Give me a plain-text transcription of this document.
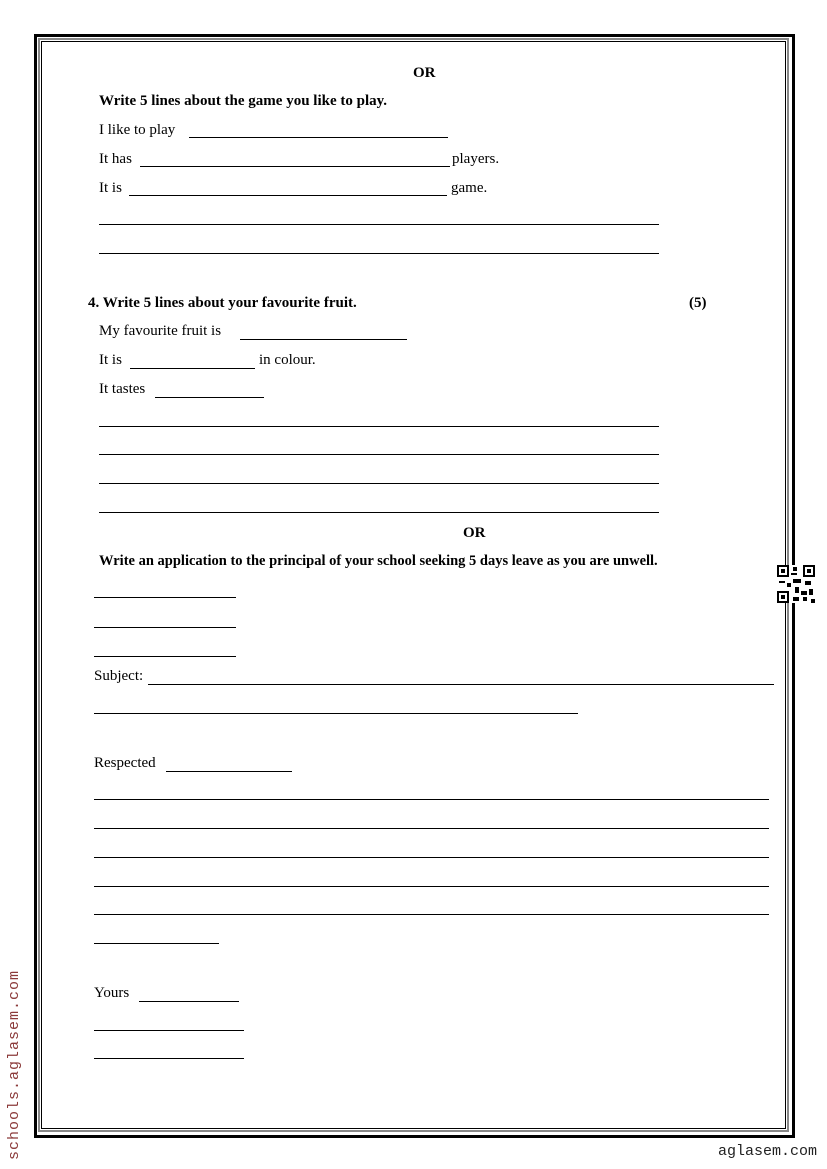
OR
Write 5 lines about the game you like to play.
I like to play
It has	players.
It is	game.
4. Write 5 lines about your favourite fruit.	(5)
My favourite fruit is
It is	in colour.
It tastes
OR
Write an application to the principal of your school seeking 5 days leave as you are unwell.
Subject:
Respected
Yours
schools.aglasem.com	aglasem.com
